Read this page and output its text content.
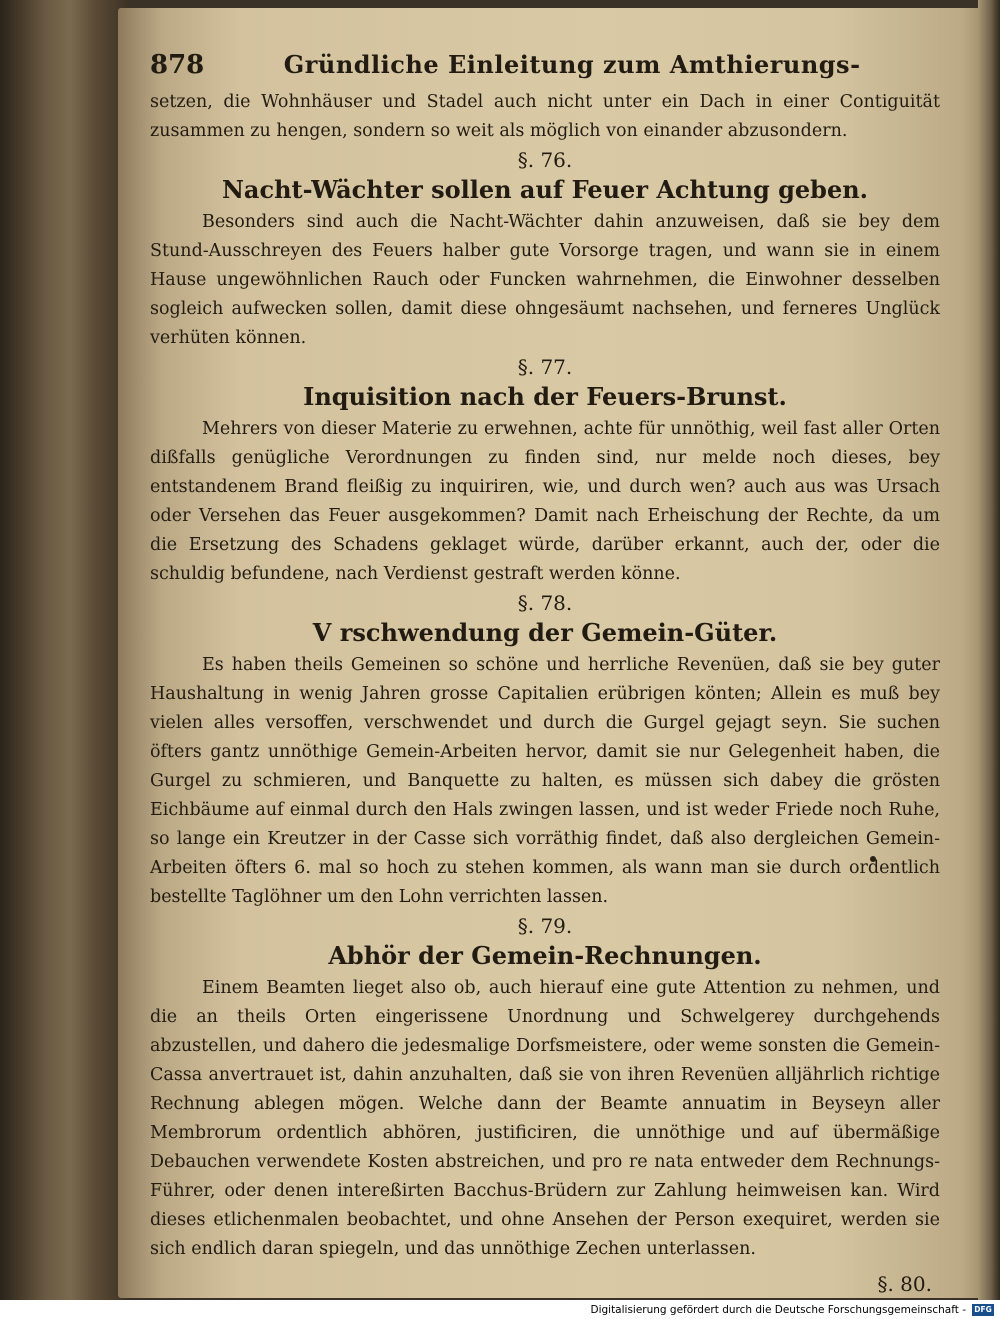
878	Gründliche Einleitung zum Amthierungs-

setzen, die Wohnhäuser und Stadel auch nicht unter ein Dach in einer Contiguität zusammen zu hengen, sondern so weit als möglich von einander abzusondern.

§. 76.

Nacht-Wächter sollen auf Feuer Achtung geben.

Besonders sind auch die Nacht-Wächter dahin anzuweisen, daß sie bey dem Stund-Ausschreyen des Feuers halber gute Vorsorge tragen, und wann sie in einem Hause ungewöhnlichen Rauch oder Funcken wahrnehmen, die Einwohner desselben sogleich aufwecken sollen, damit diese ohngesäumt nachsehen, und ferneres Unglück verhüten können.

§. 77.

Inquisition nach der Feuers-Brunst.

Mehrers von dieser Materie zu erwehnen, achte für unnöthig, weil fast aller Orten dißfalls genügliche Verordnungen zu finden sind, nur melde noch dieses, bey entstandenem Brand fleißig zu inquiriren, wie, und durch wen? auch aus was Ursach oder Versehen das Feuer ausgekommen? Damit nach Erheischung der Rechte, da um die Ersetzung des Schadens geklaget würde, darüber erkannt, auch der, oder die schuldig befundene, nach Verdienst gestraft werden könne.

§. 78.

V rschwendung der Gemein-Güter.

Es haben theils Gemeinen so schöne und herrliche Revenüen, daß sie bey guter Haushaltung in wenig Jahren grosse Capitalien erübrigen könten; Allein es muß bey vielen alles versoffen, verschwendet und durch die Gurgel gejagt seyn. Sie suchen öfters gantz unnöthige Gemein-Arbeiten hervor, damit sie nur Gelegenheit haben, die Gurgel zu schmieren, und Banquette zu halten, es müssen sich dabey die grösten Eichbäume auf einmal durch den Hals zwingen lassen, und ist weder Friede noch Ruhe, so lange ein Kreutzer in der Casse sich vorräthig findet, daß also dergleichen Gemein-Arbeiten öfters 6. mal so hoch zu stehen kommen, als wann man sie durch ordentlich bestellte Taglöhner um den Lohn verrichten lassen.

§. 79.

Abhör der Gemein-Rechnungen.

Einem Beamten lieget also ob, auch hierauf eine gute Attention zu nehmen, und die an theils Orten eingerissene Unordnung und Schwelgerey durchgehends abzustellen, und dahero die jedesmalige Dorfsmeistere, oder weme sonsten die Gemein-Cassa anvertrauet ist, dahin anzuhalten, daß sie von ihren Revenüen alljährlich richtige Rechnung ablegen mögen. Welche dann der Beamte annuatim in Beyseyn aller Membrorum ordentlich abhören, justificiren, die unnöthige und auf übermäßige Debauchen verwendete Kosten abstreichen, und pro re nata entweder dem Rechnungs-Führer, oder denen intereßirten Bacchus-Brüdern zur Zahlung heimweisen kan. Wird dieses etlichenmalen beobachtet, und ohne Ansehen der Person exequiret, werden sie sich endlich daran spiegeln, und das unnöthige Zechen unterlassen.

§. 80.
Digitalisierung gefördert durch die Deutsche Forschungsgemeinschaft - DFG
